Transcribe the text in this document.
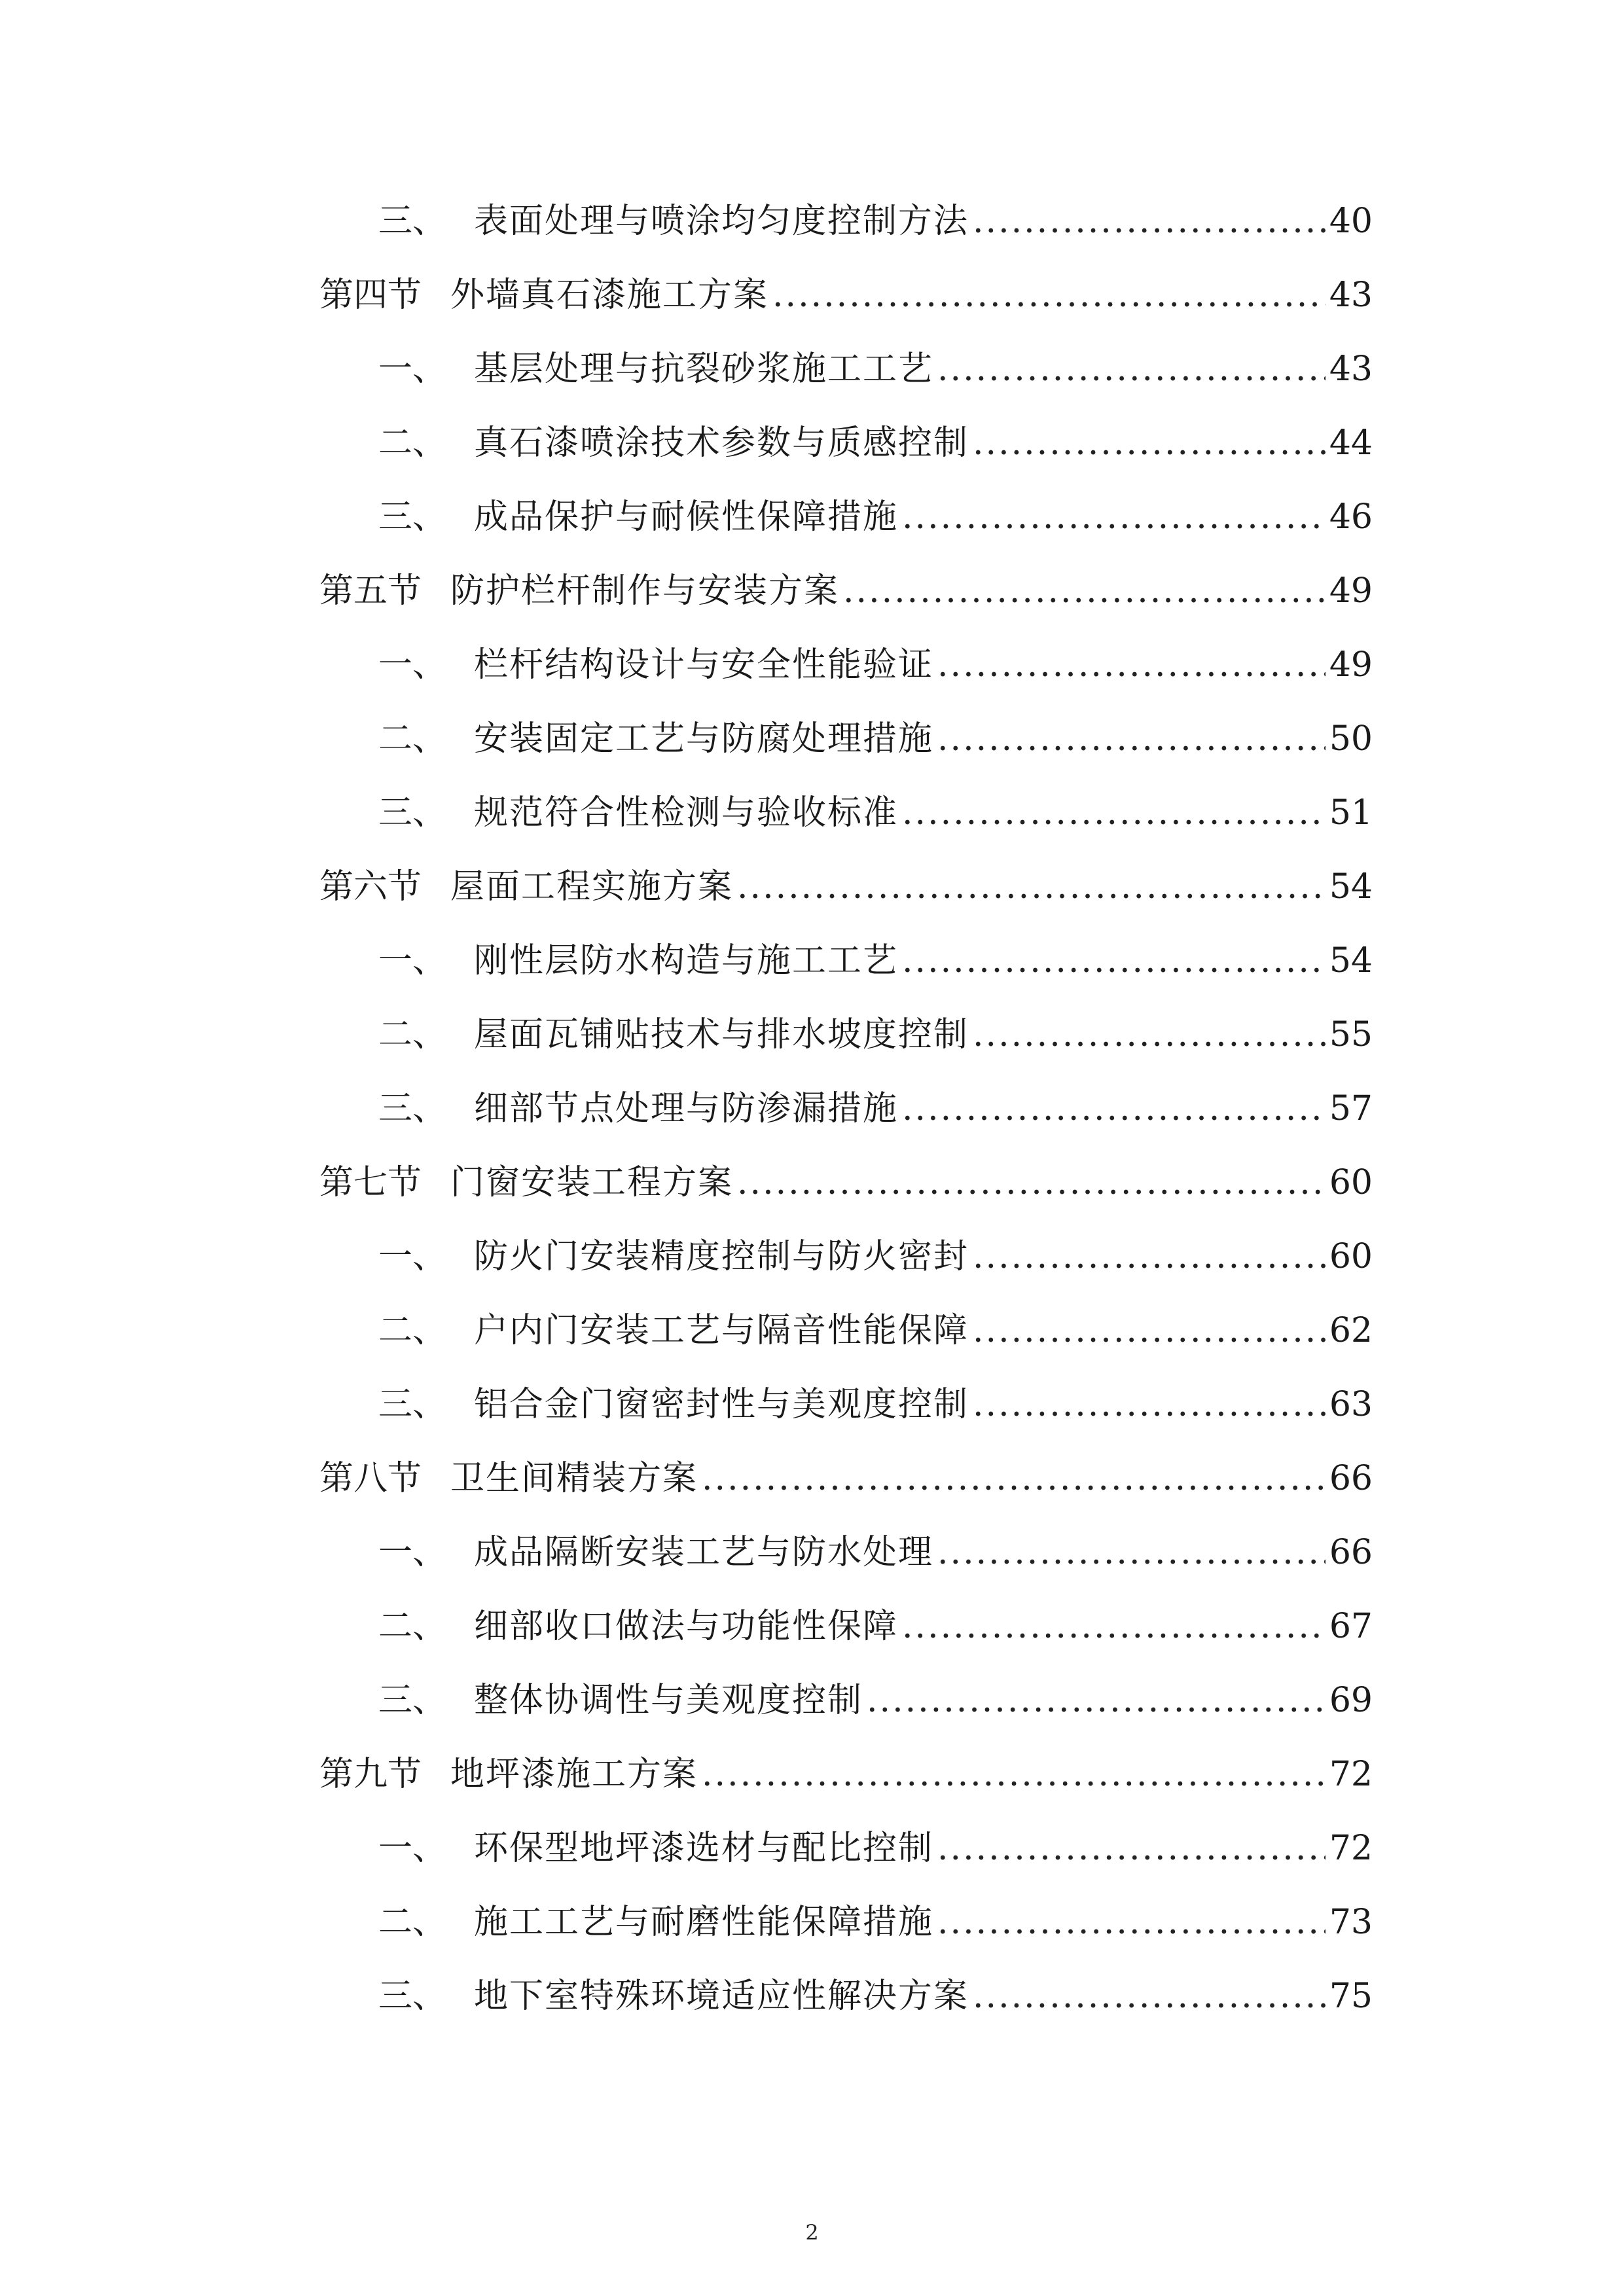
三、 表面处理与喷涂均匀度控制方法 .....	40
第四节 外墙真石漆施工方案 .....	43
一、 基层处理与抗裂砂浆施工工艺 .....	43
二、 真石漆喷涂技术参数与质感控制 .....	44
三、 成品保护与耐候性保障措施 .....	46
第五节 防护栏杆制作与安装方案 .....	49
一、 栏杆结构设计与安全性能验证 .....	49
二、 安装固定工艺与防腐处理措施 .....	50
三、 规范符合性检测与验收标准 .....	51
第六节 屋面工程实施方案 .....	54
一、 刚性层防水构造与施工工艺 .....	54
二、 屋面瓦铺贴技术与排水坡度控制 .....	55
三、 细部节点处理与防渗漏措施 .....	57
第七节 门窗安装工程方案 .....	60
一、 防火门安装精度控制与防火密封 .....	60
二、 户内门安装工艺与隔音性能保障 .....	62
三、 铝合金门窗密封性与美观度控制 .....	63
第八节 卫生间精装方案 .....	66
一、 成品隔断安装工艺与防水处理 .....	66
二、 细部收口做法与功能性保障 .....	67
三、 整体协调性与美观度控制 .....	69
第九节 地坪漆施工方案 .....	72
一、 环保型地坪漆选材与配比控制 .....	72
二、 施工工艺与耐磨性能保障措施 .....	73
三、 地下室特殊环境适应性解决方案 .....	75
2
